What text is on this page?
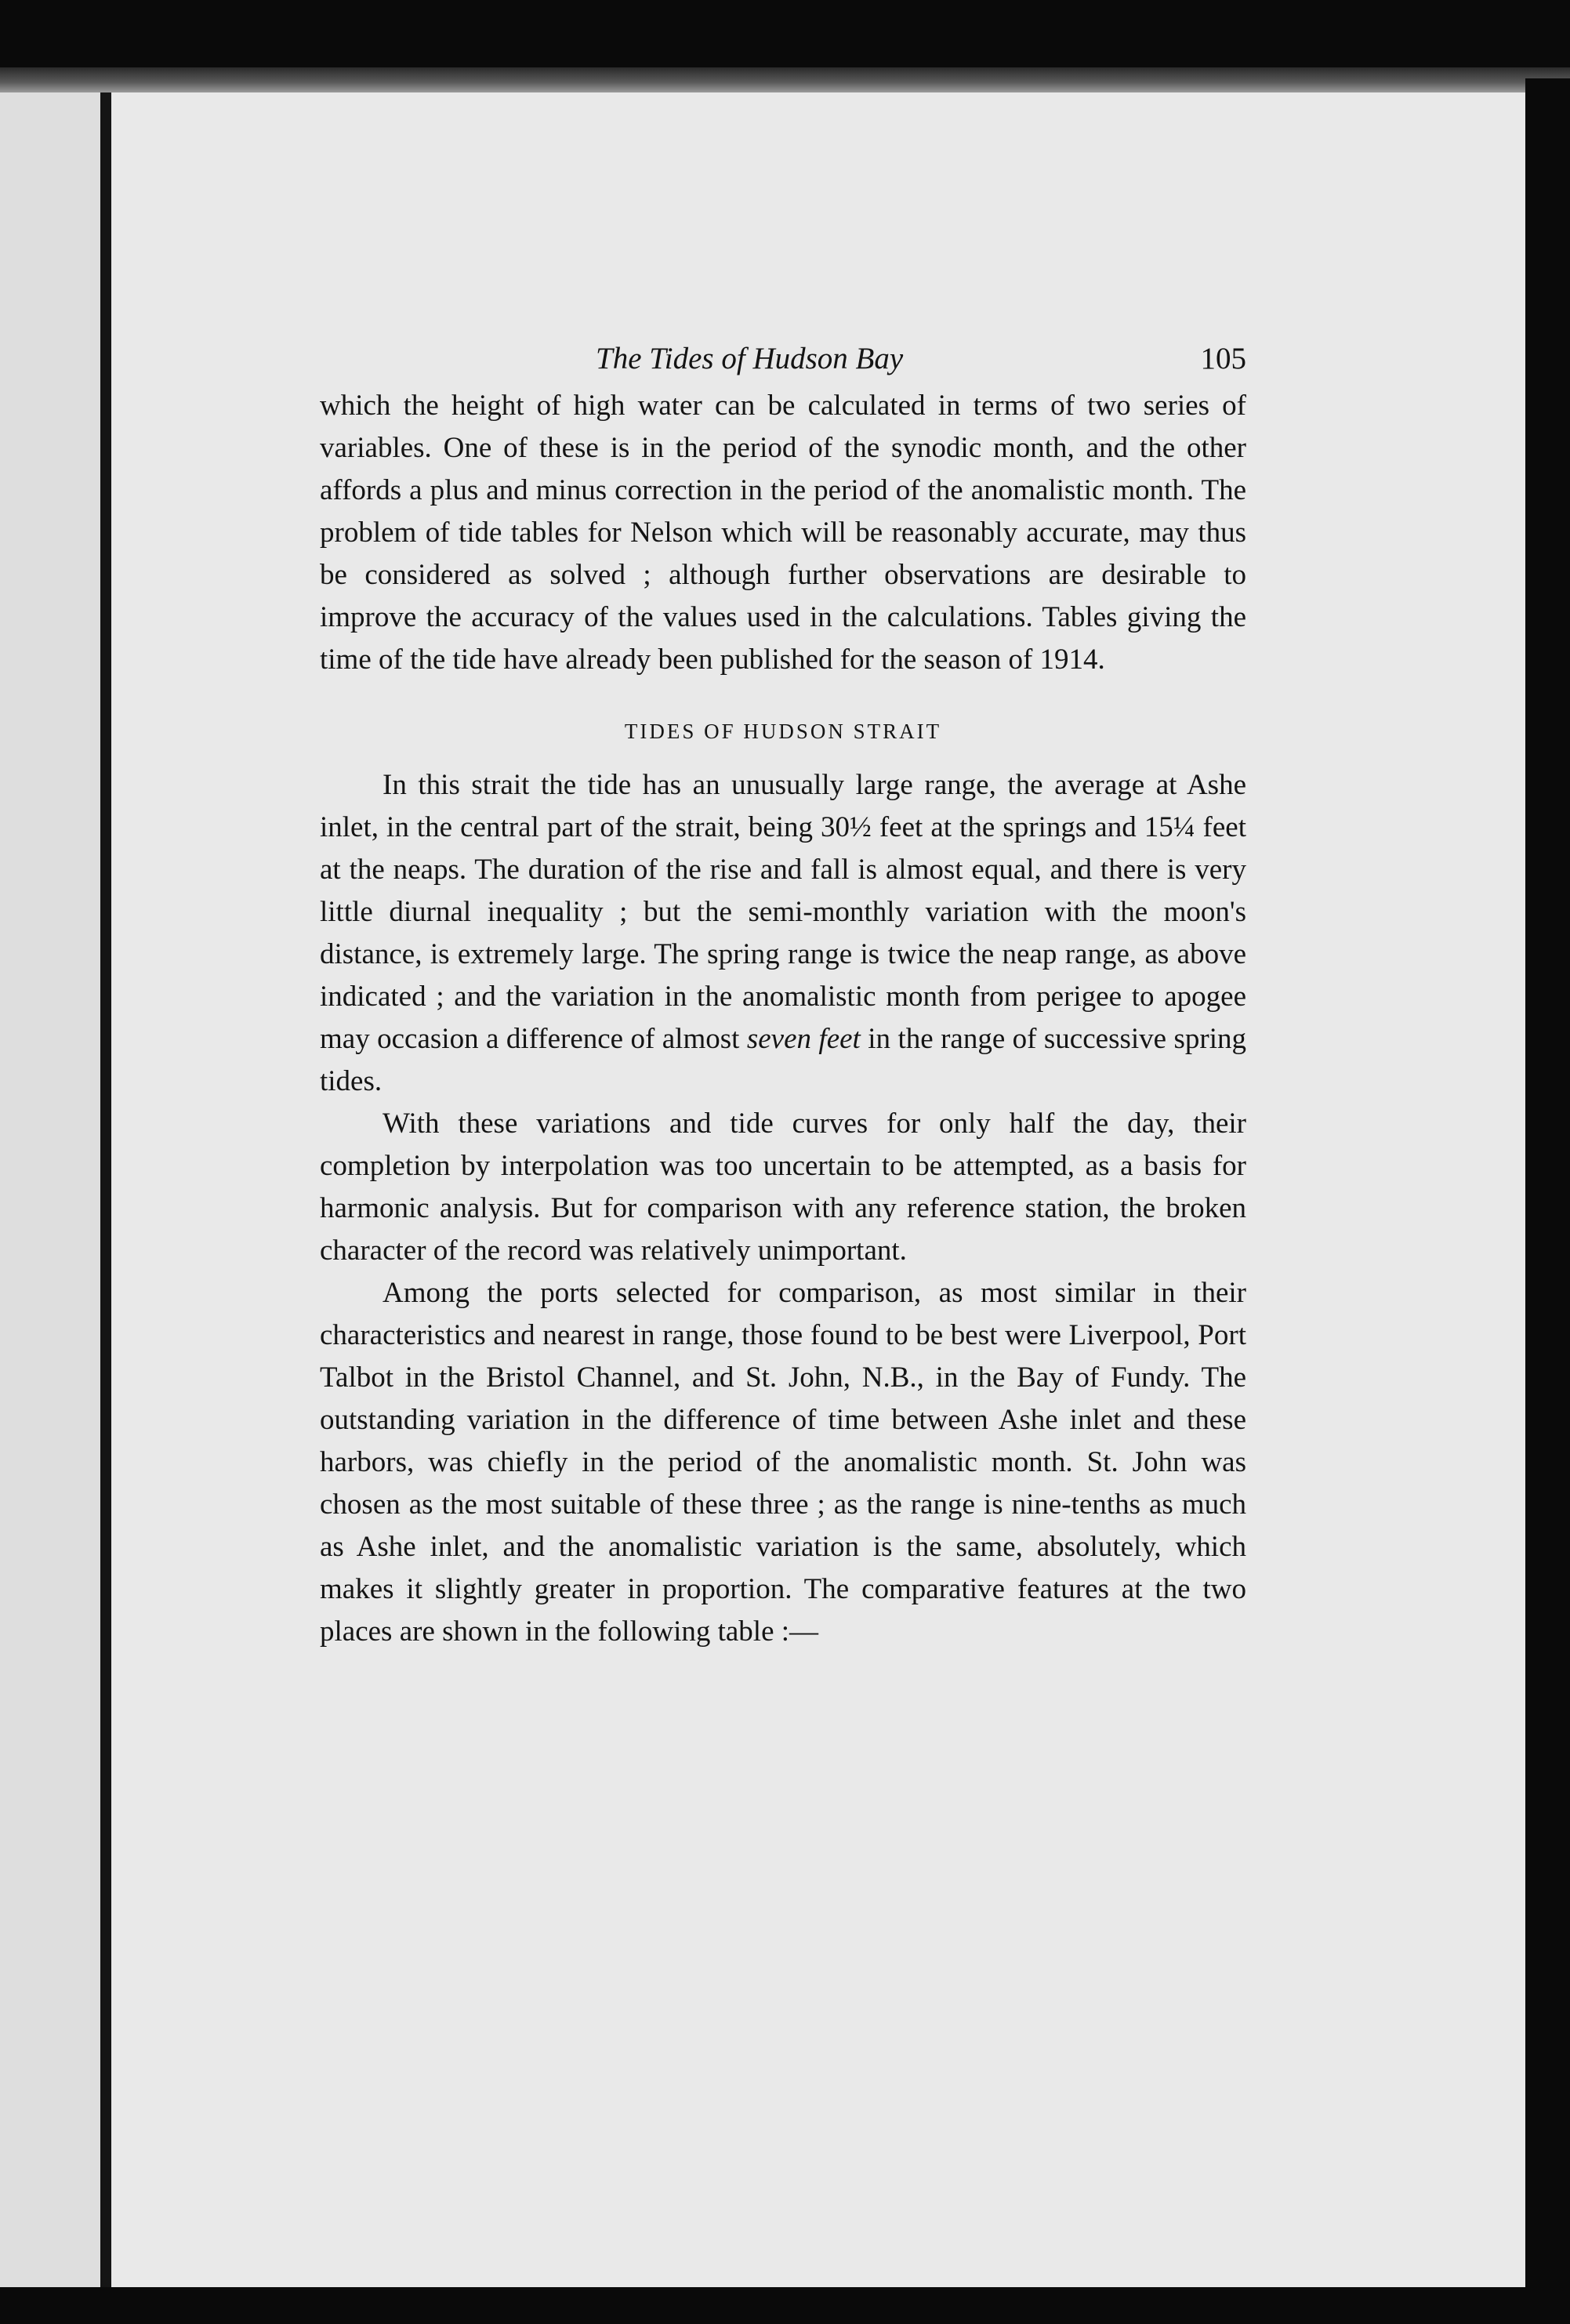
The Tides of Hudson Bay	105

which the height of high water can be calculated in terms of two series of variables. One of these is in the period of the synodic month, and the other affords a plus and minus correction in the period of the anomalistic month. The problem of tide tables for Nelson which will be reasonably accurate, may thus be considered as solved ; although further observations are desirable to improve the accuracy of the values used in the calculations. Tables giving the time of the tide have already been published for the season of 1914.

TIDES OF HUDSON STRAIT

In this strait the tide has an unusually large range, the average at Ashe inlet, in the central part of the strait, being 30½ feet at the springs and 15¼ feet at the neaps. The duration of the rise and fall is almost equal, and there is very little diurnal inequality ; but the semi-monthly variation with the moon's distance, is extremely large. The spring range is twice the neap range, as above indicated ; and the variation in the anomalistic month from perigee to apogee may occasion a difference of almost seven feet in the range of successive spring tides.

With these variations and tide curves for only half the day, their completion by interpolation was too uncertain to be attempted, as a basis for harmonic analysis. But for comparison with any reference station, the broken character of the record was relatively unimportant.

Among the ports selected for comparison, as most similar in their characteristics and nearest in range, those found to be best were Liverpool, Port Talbot in the Bristol Channel, and St. John, N.B., in the Bay of Fundy. The outstanding variation in the difference of time between Ashe inlet and these harbors, was chiefly in the period of the anomalistic month. St. John was chosen as the most suitable of these three ; as the range is nine-tenths as much as Ashe inlet, and the anomalistic variation is the same, absolutely, which makes it slightly greater in proportion. The comparative features at the two places are shown in the following table :—
